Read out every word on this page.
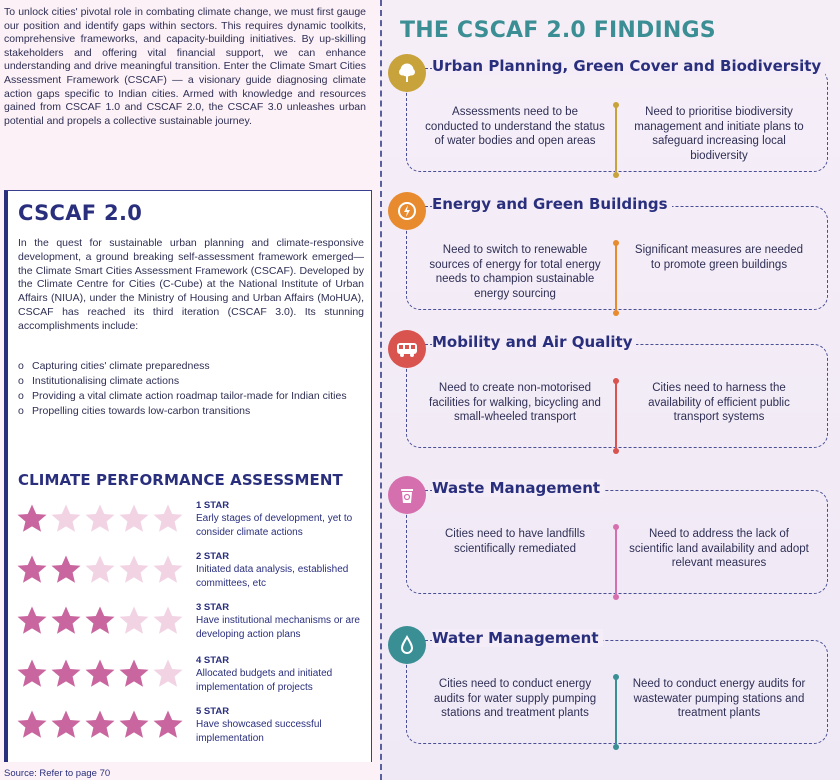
To unlock cities' pivotal role in combating climate change, we must first gauge our position and identify gaps within sectors. This requires dynamic toolkits, comprehensive frameworks, and capacity-building initiatives. By up-skilling stakeholders and offering vital financial support, we can enhance understanding and drive meaningful transition. Enter the Climate Smart Cities Assessment Framework (CSCAF) — a visionary guide diagnosing climate action gaps specific to Indian cities. Armed with knowledge and resources gained from CSCAF 1.0 and CSCAF 2.0, the CSCAF 3.0 unleashes urban potential and propels a collective sustainable journey.

CSCAF 2.0

In the quest for sustainable urban planning and climate-responsive development, a ground breaking self-assessment framework emerged—the Climate Smart Cities Assessment Framework (CSCAF). Developed by the Climate Centre for Cities (C-Cube) at the National Institute of Urban Affairs (NIUA), under the Ministry of Housing and Urban Affairs (MoHUA), CSCAF has reached its third iteration (CSCAF 3.0). Its stunning accomplishments include:

o Capturing cities' climate preparedness
o Institutionalising climate actions
o Providing a vital climate action roadmap tailor-made for Indian cities
o Propelling cities towards low-carbon transitions
CLIMATE PERFORMANCE ASSESSMENT
1 STAR
Early stages of development, yet to consider climate actions
2 STAR
Initiated data analysis, established committees, etc
3 STAR
Have institutional mechanisms or are developing action plans
4 STAR
Allocated budgets and initiated implementation of projects
5 STAR
Have showcased successful implementation
Source: Refer to page 70
THE CSCAF 2.0 FINDINGS
Assessments need to be conducted to understand the status of water bodies and open areas
Need to prioritise biodiversity management and initiate plans to safeguard increasing local biodiversity
Urban Planning, Green Cover and Biodiversity
Need to switch to renewable sources of energy for total energy needs to champion sustainable energy sourcing
Significant measures are needed to promote green buildings
Energy and Green Buildings
Need to create non-motorised facilities for walking, bicycling and small-wheeled transport
Cities need to harness the availability of efficient public transport systems
Mobility and Air Quality
Cities need to have landfills scientifically remediated
Need to address the lack of scientific land availability and adopt relevant measures
Waste Management
Cities need to conduct energy audits for water supply pumping stations and treatment plants
Need to conduct energy audits for wastewater pumping stations and treatment plants
Water Management
